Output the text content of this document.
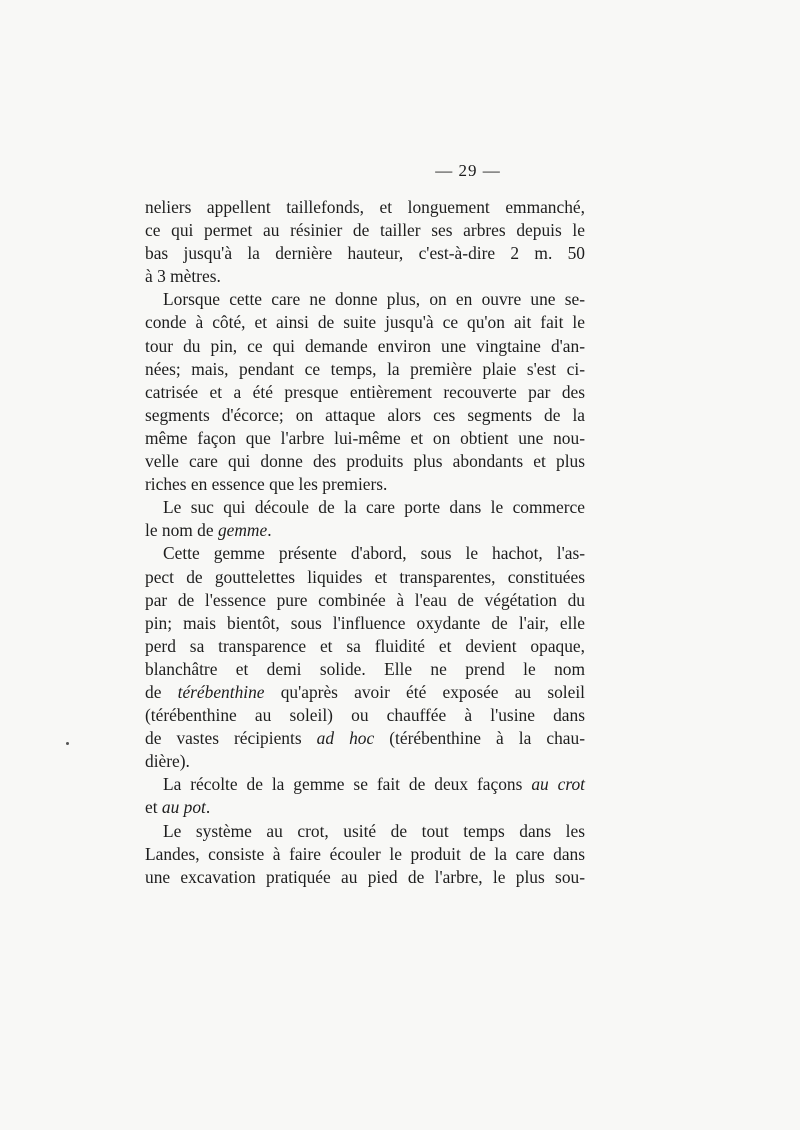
— 29 —

neliers appellent taillefonds, et longuement emmanché,
ce qui permet au résinier de tailler ses arbres depuis le
bas jusqu'à la dernière hauteur, c'est-à-dire 2 m. 50
à 3 mètres.

Lorsque cette care ne donne plus, on en ouvre une se-
conde à côté, et ainsi de suite jusqu'à ce qu'on ait fait le
tour du pin, ce qui demande environ une vingtaine d'an-
nées; mais, pendant ce temps, la première plaie s'est ci-
catrisée et a été presque entièrement recouverte par des
segments d'écorce; on attaque alors ces segments de la
même façon que l'arbre lui-même et on obtient une nou-
velle care qui donne des produits plus abondants et plus
riches en essence que les premiers.

Le suc qui découle de la care porte dans le commerce
le nom de gemme.

Cette gemme présente d'abord, sous le hachot, l'as-
pect de gouttelettes liquides et transparentes, constituées
par de l'essence pure combinée à l'eau de végétation du
pin; mais bientôt, sous l'influence oxydante de l'air, elle
perd sa transparence et sa fluidité et devient opaque,
blanchâtre et demi solide. Elle ne prend le nom
de térébenthine qu'après avoir été exposée au soleil
(térébenthine au soleil) ou chauffée à l'usine dans
de vastes récipients ad hoc (térébenthine à la chau-
dière).

La récolte de la gemme se fait de deux façons au crot
et au pot.

Le système au crot, usité de tout temps dans les
Landes, consiste à faire écouler le produit de la care dans
une excavation pratiquée au pied de l'arbre, le plus sou-
